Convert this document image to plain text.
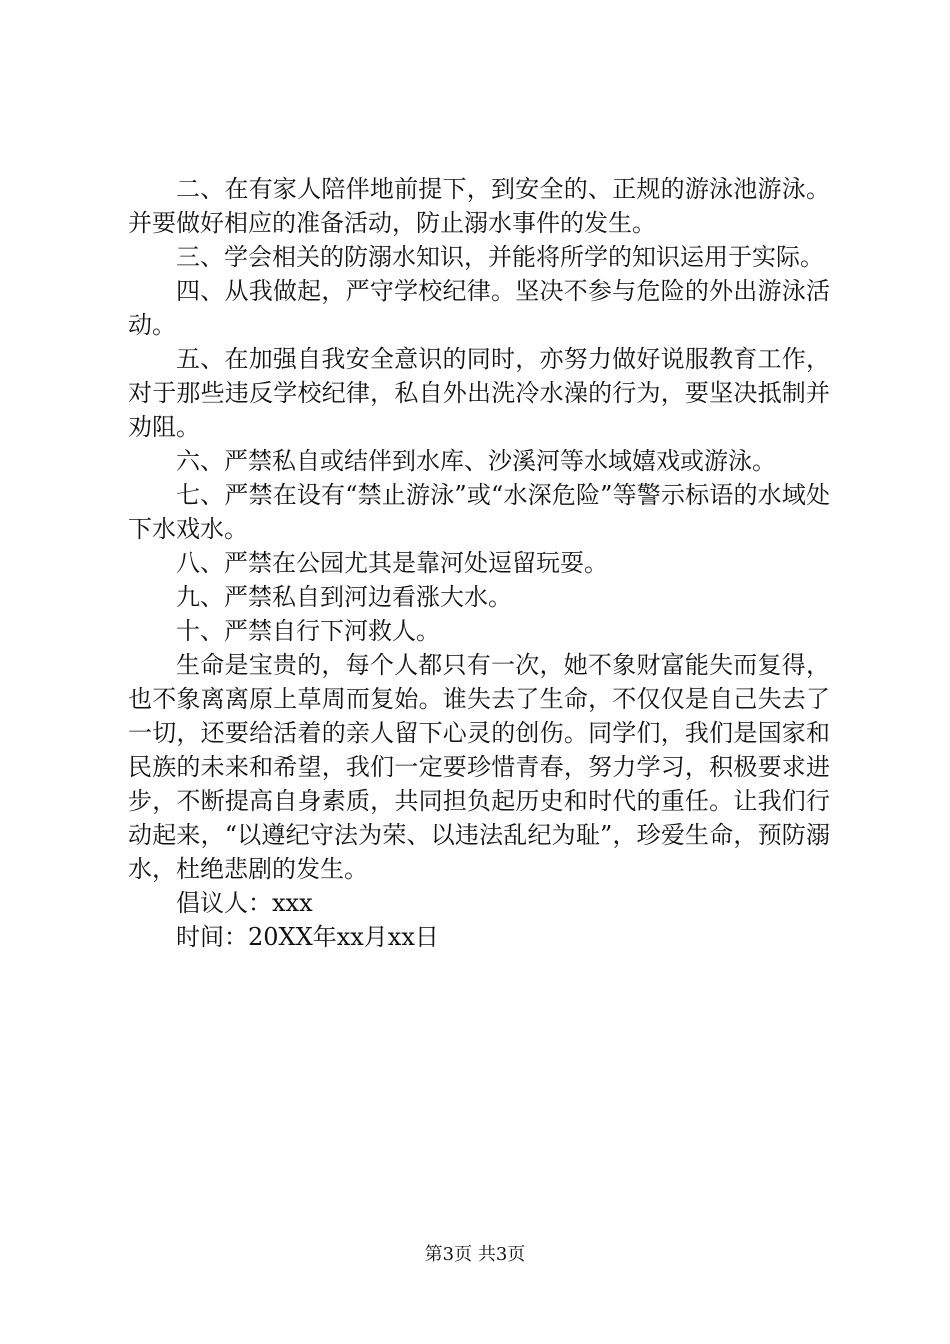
二、在有家人陪伴地前提下，到安全的、正规的游泳池游泳。并要做好相应的准备活动，防止溺水事件的发生。

三、学会相关的防溺水知识，并能将所学的知识运用于实际。

四、从我做起，严守学校纪律。坚决不参与危险的外出游泳活动。

五、在加强自我安全意识的同时，亦努力做好说服教育工作，对于那些违反学校纪律，私自外出洗冷水澡的行为，要坚决抵制并劝阻。

六、严禁私自或结伴到水库、沙溪河等水域嬉戏或游泳。

七、严禁在设有“禁止游泳”或“水深危险”等警示标语的水域处下水戏水。

八、严禁在公园尤其是靠河处逗留玩耍。

九、严禁私自到河边看涨大水。

十、严禁自行下河救人。

生命是宝贵的，每个人都只有一次，她不象财富能失而复得，也不象离离原上草周而复始。谁失去了生命，不仅仅是自己失去了一切，还要给活着的亲人留下心灵的创伤。同学们，我们是国家和民族的未来和希望，我们一定要珍惜青春，努力学习，积极要求进步，不断提高自身素质，共同担负起历史和时代的重任。让我们行动起来，“以遵纪守法为荣、以违法乱纪为耻”，珍爱生命，预防溺水，杜绝悲剧的发生。

倡议人：xxx

时间：20XX年xx月xx日

第3页 共3页
